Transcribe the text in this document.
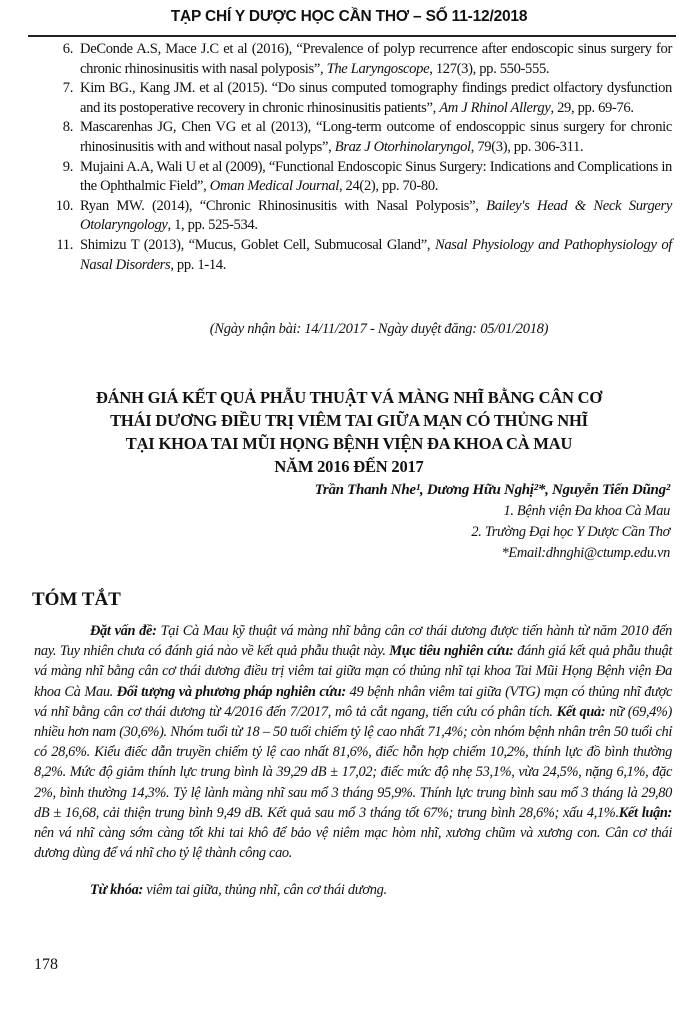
TẠP CHÍ Y DƯỢC HỌC CẦN THƠ – SỐ 11-12/2018
6. DeConde A.S, Mace J.C et al (2016), “Prevalence of polyp recurrence after endoscopic sinus surgery for chronic rhinosinusitis with nasal polyposis”, The Laryngoscope, 127(3), pp. 550-555.
7. Kim BG., Kang JM. et al (2015). “Do sinus computed tomography findings predict olfactory dysfunction and its postoperative recovery in chronic rhinosinusitis patients”, Am J Rhinol Allergy, 29, pp. 69-76.
8. Mascarenhas JG, Chen VG et al (2013), “Long-term outcome of endoscoppic sinus surgery for chronic rhinosinusitis with and without nasal polyps”, Braz J Otorhinolaryngol, 79(3), pp. 306-311.
9. Mujaini A.A, Wali U et al (2009), “Functional Endoscopic Sinus Surgery: Indications and Complications in the Ophthalmic Field”, Oman Medical Journal, 24(2), pp. 70-80.
10. Ryan MW. (2014), “Chronic Rhinosinusitis with Nasal Polyposis”, Bailey's Head & Neck Surgery Otolaryngology, 1, pp. 525-534.
11. Shimizu T (2013), “Mucus, Goblet Cell, Submucosal Gland”, Nasal Physiology and Pathophysiology of Nasal Disorders, pp. 1-14.
(Ngày nhận bài: 14/11/2017 - Ngày duyệt đăng: 05/01/2018)
ĐÁNH GIÁ KẾT QUẢ PHẪU THUẬT VÁ MÀNG NHĨ BẰNG CÂN CƠ
THÁI DƯƠNG ĐIỀU TRỊ VIÊM TAI GIỮA MẠN CÓ THỦNG NHĨ
TẠI KHOA TAI MŨI HỌNG BỆNH VIỆN ĐA KHOA CÀ MAU
NĂM 2016 ĐẾN 2017
Trần Thanh Nhe¹, Dương Hữu Nghị²*, Nguyễn Tiến Dũng²
1. Bệnh viện Đa khoa Cà Mau
2. Trường Đại học Y Dược Cần Thơ
*Email:dhnghi@ctump.edu.vn
TÓM TẮT
Đặt vấn đề: Tại Cà Mau kỹ thuật vá màng nhĩ bằng cân cơ thái dương được tiến hành từ năm 2010 đến nay. Tuy nhiên chưa có đánh giá nào về kết quả phẫu thuật này. Mục tiêu nghiên cứu: đánh giá kết quả phẫu thuật vá màng nhĩ bằng cân cơ thái dương điều trị viêm tai giữa mạn có thủng nhĩ tại khoa Tai Mũi Họng Bệnh viện Đa khoa Cà Mau. Đối tượng và phương pháp nghiên cứu: 49 bệnh nhân viêm tai giữa (VTG) mạn có thủng nhĩ được vá nhĩ bằng cân cơ thái dương từ 4/2016 đến 7/2017, mô tả cắt ngang, tiến cứu có phân tích. Kết quả: nữ (69,4%) nhiều hơn nam (30,6%). Nhóm tuổi từ 18 – 50 tuổi chiếm tỷ lệ cao nhất 71,4%; còn nhóm bệnh nhân trên 50 tuổi chỉ có 28,6%. Kiểu điếc dẫn truyền chiếm tỷ lệ cao nhất 81,6%, điếc hỗn hợp chiếm 10,2%, thính lực đồ bình thường 8,2%. Mức độ giảm thính lực trung bình là 39,29 dB ± 17,02; điếc mức độ nhẹ 53,1%, vừa 24,5%, nặng 6,1%, đặc 2%, bình thường 14,3%. Tỷ lệ lành màng nhĩ sau mổ 3 tháng 95,9%. Thính lực trung bình sau mổ 3 tháng là 29,80 dB ± 16,68, cải thiện trung bình 9,49 dB. Kết quả sau mổ 3 tháng tốt 67%; trung bình 28,6%; xấu 4,1%.Kết luận: nên vá nhĩ càng sớm càng tốt khi tai khô để bảo vệ niêm mạc hòm nhĩ, xương chũm và xương con. Cân cơ thái dương dùng để vá nhĩ cho tỷ lệ thành công cao.
Từ khóa: viêm tai giữa, thủng nhĩ, cân cơ thái dương.
178
